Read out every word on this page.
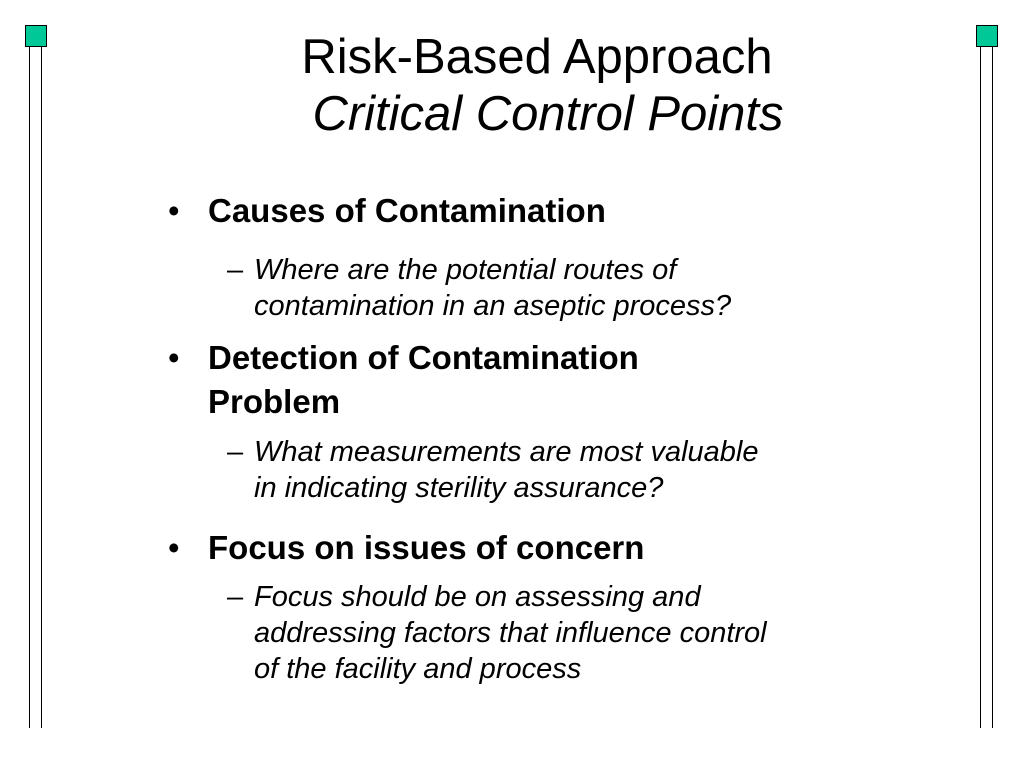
Risk-Based Approach
Critical Control Points
• Causes of Contamination
– Where are the potential routes of
contamination in an aseptic process?
• Detection of Contamination
Problem
– What measurements are most valuable
in indicating sterility assurance?
• Focus on issues of concern
– Focus should be on assessing and
addressing factors that influence control
of the facility and process
